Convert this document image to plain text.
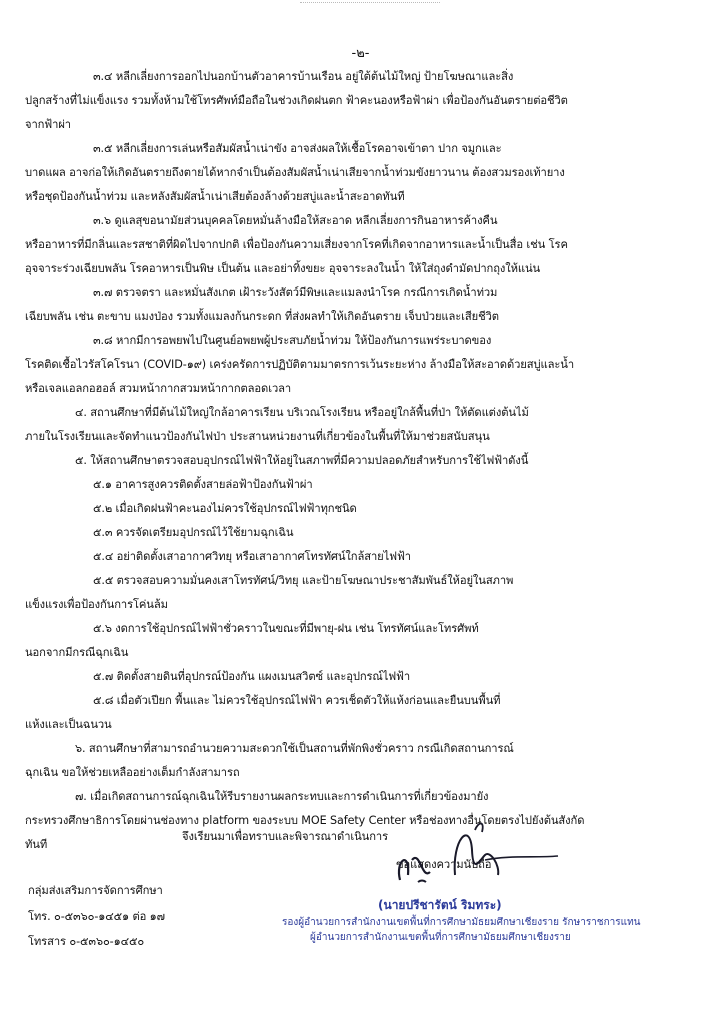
-๒-
๓.๔ หลีกเลี่ยงการออกไปนอกบ้านตัวอาคารบ้านเรือน อยู่ใต้ต้นไม้ใหญ่ ป้ายโฆษณาและสิ่ง
ปลูกสร้างที่ไม่แข็งแรง รวมทั้งห้ามใช้โทรศัพท์มือถือในช่วงเกิดฝนตก ฟ้าคะนองหรือฟ้าผ่า เพื่อป้องกันอันตรายต่อชีวิต
จากฟ้าผ่า
๓.๕ หลีกเลี่ยงการเล่นหรือสัมผัสน้ำเน่าขัง อาจส่งผลให้เชื้อโรคอาจเข้าตา ปาก จมูกและ
บาดแผล อาจก่อให้เกิดอันตรายถึงตายได้หากจำเป็นต้องสัมผัสน้ำเน่าเสียจากน้ำท่วมขังยาวนาน ต้องสวมรองเท้ายาง
หรือชุดป้องกันน้ำท่วม และหลังสัมผัสน้ำเน่าเสียต้องล้างด้วยสบู่และน้ำสะอาดทันที
๓.๖ ดูแลสุขอนามัยส่วนบุคคลโดยหมั่นล้างมือให้สะอาด หลีกเลี่ยงการกินอาหารค้างคืน
หรืออาหารที่มีกลิ่นและรสชาติที่ผิดไปจากปกติ เพื่อป้องกันความเสี่ยงจากโรคที่เกิดจากอาหารและน้ำเป็นสื่อ เช่น โรค
อุจจาระร่วงเฉียบพลัน โรคอาหารเป็นพิษ เป็นต้น และอย่าทิ้งขยะ อุจจาระลงในน้ำ ให้ใส่ถุงดำมัดปากถุงให้แน่น
๓.๗ ตรวจตรา และหมั่นสังเกต เฝ้าระวังสัตว์มีพิษและแมลงนำโรค กรณีการเกิดน้ำท่วม
เฉียบพลัน เช่น ตะขาบ แมงป่อง รวมทั้งแมลงก้นกระดก ที่ส่งผลทำให้เกิดอันตราย เจ็บป่วยและเสียชีวิต
๓.๘ หากมีการอพยพไปในศูนย์อพยพผู้ประสบภัยน้ำท่วม ให้ป้องกันการแพร่ระบาดของ
โรคติดเชื้อไวรัสโคโรนา (COVID-๑๙) เคร่งครัดการปฏิบัติตามมาตรการเว้นระยะห่าง ล้างมือให้สะอาดด้วยสบู่และน้ำ
หรือเจลแอลกอฮอล์ สวมหน้ากากสวมหน้ากากตลอดเวลา
๔. สถานศึกษาที่มีต้นไม้ใหญ่ใกล้อาคารเรียน บริเวณโรงเรียน หรืออยู่ใกล้พื้นที่ป่า ให้ตัดแต่งต้นไม้
ภายในโรงเรียนและจัดทำแนวป้องกันไฟป่า ประสานหน่วยงานที่เกี่ยวข้องในพื้นที่ให้มาช่วยสนับสนุน
๕. ให้สถานศึกษาตรวจสอบอุปกรณ์ไฟฟ้าให้อยู่ในสภาพที่มีความปลอดภัยสำหรับการใช้ไฟฟ้าดังนี้
๕.๑ อาคารสูงควรติดตั้งสายล่อฟ้าป้องกันฟ้าผ่า
๕.๒ เมื่อเกิดฝนฟ้าคะนองไม่ควรใช้อุปกรณ์ไฟฟ้าทุกชนิด
๕.๓ ควรจัดเตรียมอุปกรณ์ไว้ใช้ยามฉุกเฉิน
๕.๔ อย่าติดตั้งเสาอากาศวิทยุ หรือเสาอากาศโทรทัศน์ใกล้สายไฟฟ้า
๕.๕ ตรวจสอบความมั่นคงเสาโทรทัศน์/วิทยุ และป้ายโฆษณาประชาสัมพันธ์ให้อยู่ในสภาพ
แข็งแรงเพื่อป้องกันการโค่นล้ม
๕.๖ งดการใช้อุปกรณ์ไฟฟ้าชั่วคราวในขณะที่มีพายุ-ฝน เช่น โทรทัศน์และโทรศัพท์
นอกจากมีกรณีฉุกเฉิน
๕.๗ ติดตั้งสายดินที่อุปกรณ์ป้องกัน แผงเมนสวิตซ์ และอุปกรณ์ไฟฟ้า
๕.๘ เมื่อตัวเปียก พื้นและ ไม่ควรใช้อุปกรณ์ไฟฟ้า ควรเช็ดตัวให้แห้งก่อนและยืนบนพื้นที่
แห้งและเป็นฉนวน
๖. สถานศึกษาที่สามารถอำนวยความสะดวกใช้เป็นสถานที่พักพิงชั่วคราว กรณีเกิดสถานการณ์
ฉุกเฉิน ขอให้ช่วยเหลืออย่างเต็มกำลังสามารถ
๗. เมื่อเกิดสถานการณ์ฉุกเฉินให้รีบรายงานผลกระทบและการดำเนินการที่เกี่ยวข้องมายัง
กระทรวงศึกษาธิการโดยผ่านช่องทาง platform ของระบบ MOE Safety Center หรือช่องทางอื่นโดยตรงไปยังต้นสังกัด
ทันที
จึงเรียนมาเพื่อทราบและพิจารณาดำเนินการ
ขอแสดงความนับถือ
(นายปรีชารัตน์ ริมทระ)
รองผู้อำนวยการสำนักงานเขตพื้นที่การศึกษามัธยมศึกษาเชียงราย รักษาราชการแทน
ผู้อำนวยการสำนักงานเขตพื้นที่การศึกษามัธยมศึกษาเชียงราย
กลุ่มส่งเสริมการจัดการศึกษา
โทร. ๐-๕๓๖๐-๑๔๕๑ ต่อ ๑๗
โทรสาร ๐-๕๓๖๐-๑๔๕๐
